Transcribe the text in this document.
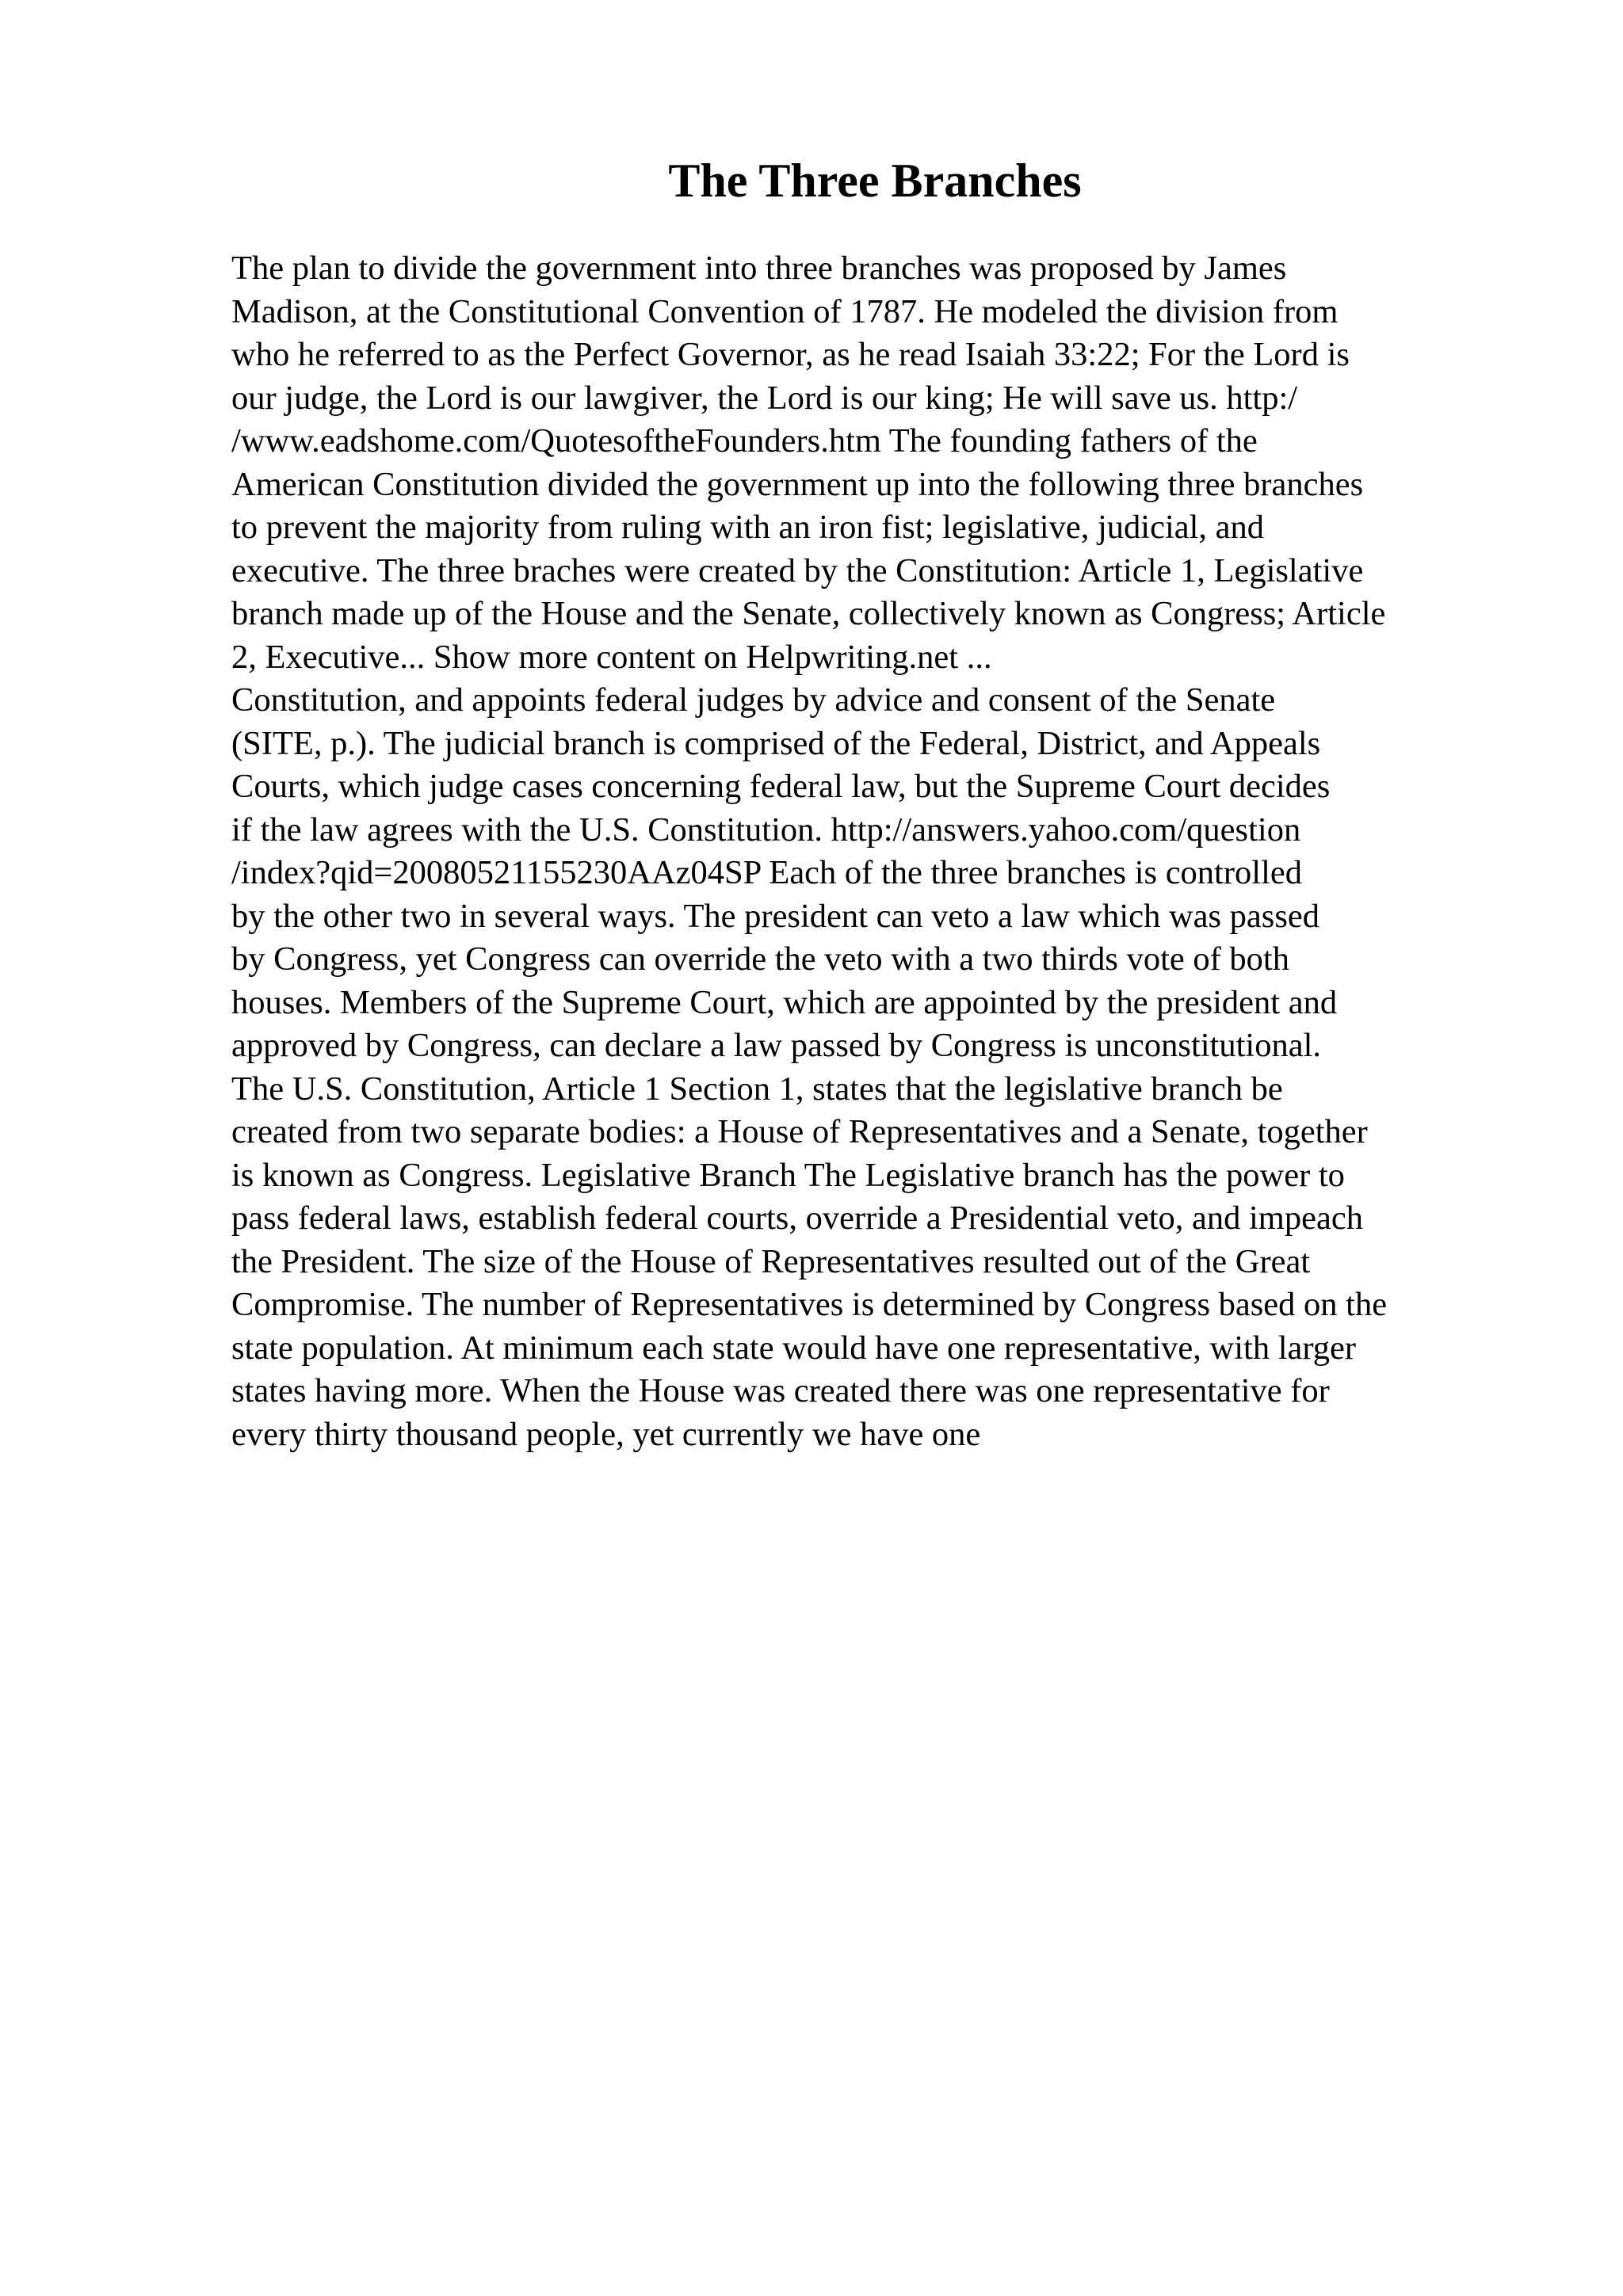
The Three Branches
The plan to divide the government into three branches was proposed by James
Madison, at the Constitutional Convention of 1787. He modeled the division from
who he referred to as the Perfect Governor, as he read Isaiah 33:22; For the Lord is
our judge, the Lord is our lawgiver, the Lord is our king; He will save us. http:/
/www.eadshome.com/QuotesoftheFounders.htm The founding fathers of the
American Constitution divided the government up into the following three branches
to prevent the majority from ruling with an iron fist; legislative, judicial, and
executive. The three braches were created by the Constitution: Article 1, Legislative
branch made up of the House and the Senate, collectively known as Congress; Article
2, Executive... Show more content on Helpwriting.net ...
Constitution, and appoints federal judges by advice and consent of the Senate
(SITE, p.). The judicial branch is comprised of the Federal, District, and Appeals
Courts, which judge cases concerning federal law, but the Supreme Court decides
if the law agrees with the U.S. Constitution. http://answers.yahoo.com/question
/index?qid=20080521155230AAz04SP Each of the three branches is controlled
by the other two in several ways. The president can veto a law which was passed
by Congress, yet Congress can override the veto with a two thirds vote of both
houses. Members of the Supreme Court, which are appointed by the president and
approved by Congress, can declare a law passed by Congress is unconstitutional.
The U.S. Constitution, Article 1 Section 1, states that the legislative branch be
created from two separate bodies: a House of Representatives and a Senate, together
is known as Congress. Legislative Branch The Legislative branch has the power to
pass federal laws, establish federal courts, override a Presidential veto, and impeach
the President. The size of the House of Representatives resulted out of the Great
Compromise. The number of Representatives is determined by Congress based on the
state population. At minimum each state would have one representative, with larger
states having more. When the House was created there was one representative for
every thirty thousand people, yet currently we have one
